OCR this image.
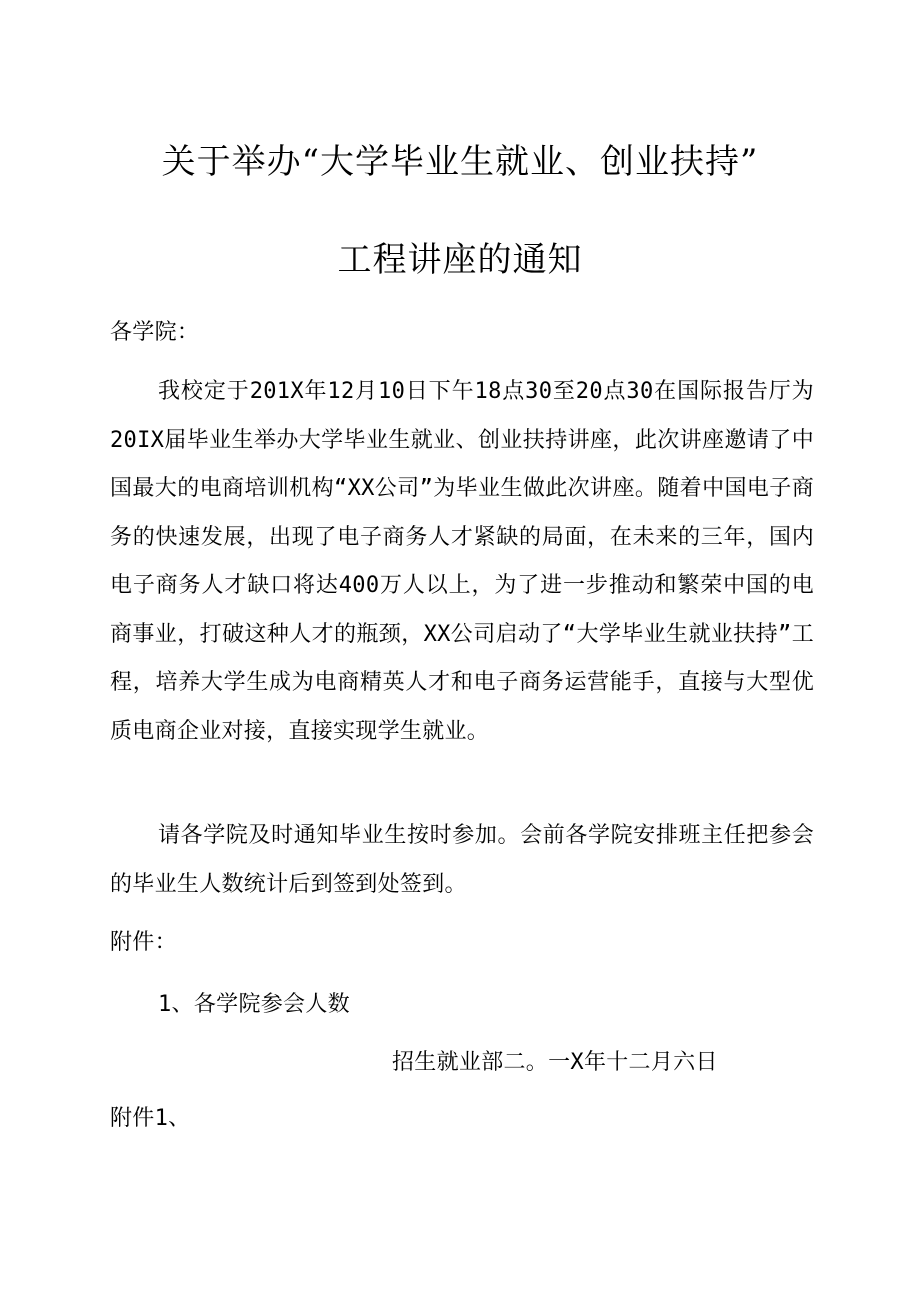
关于举办“大学毕业生就业、创业扶持”
工程讲座的通知
各学院：
我校定于201X年12月10日下午18点30至20点30在国际报告厅为20IX届毕业生举办大学毕业生就业、创业扶持讲座，此次讲座邀请了中国最大的电商培训机构“XX公司”为毕业生做此次讲座。随着中国电子商务的快速发展，出现了电子商务人才紧缺的局面，在未来的三年，国内电子商务人才缺口将达400万人以上，为了进一步推动和繁荣中国的电商事业，打破这种人才的瓶颈，XX公司启动了“大学毕业生就业扶持”工程，培养大学生成为电商精英人才和电子商务运营能手，直接与大型优质电商企业对接，直接实现学生就业。
请各学院及时通知毕业生按时参加。会前各学院安排班主任把参会的毕业生人数统计后到签到处签到。
附件：
1、各学院参会人数
招生就业部二。一X年十二月六日
附件1、
